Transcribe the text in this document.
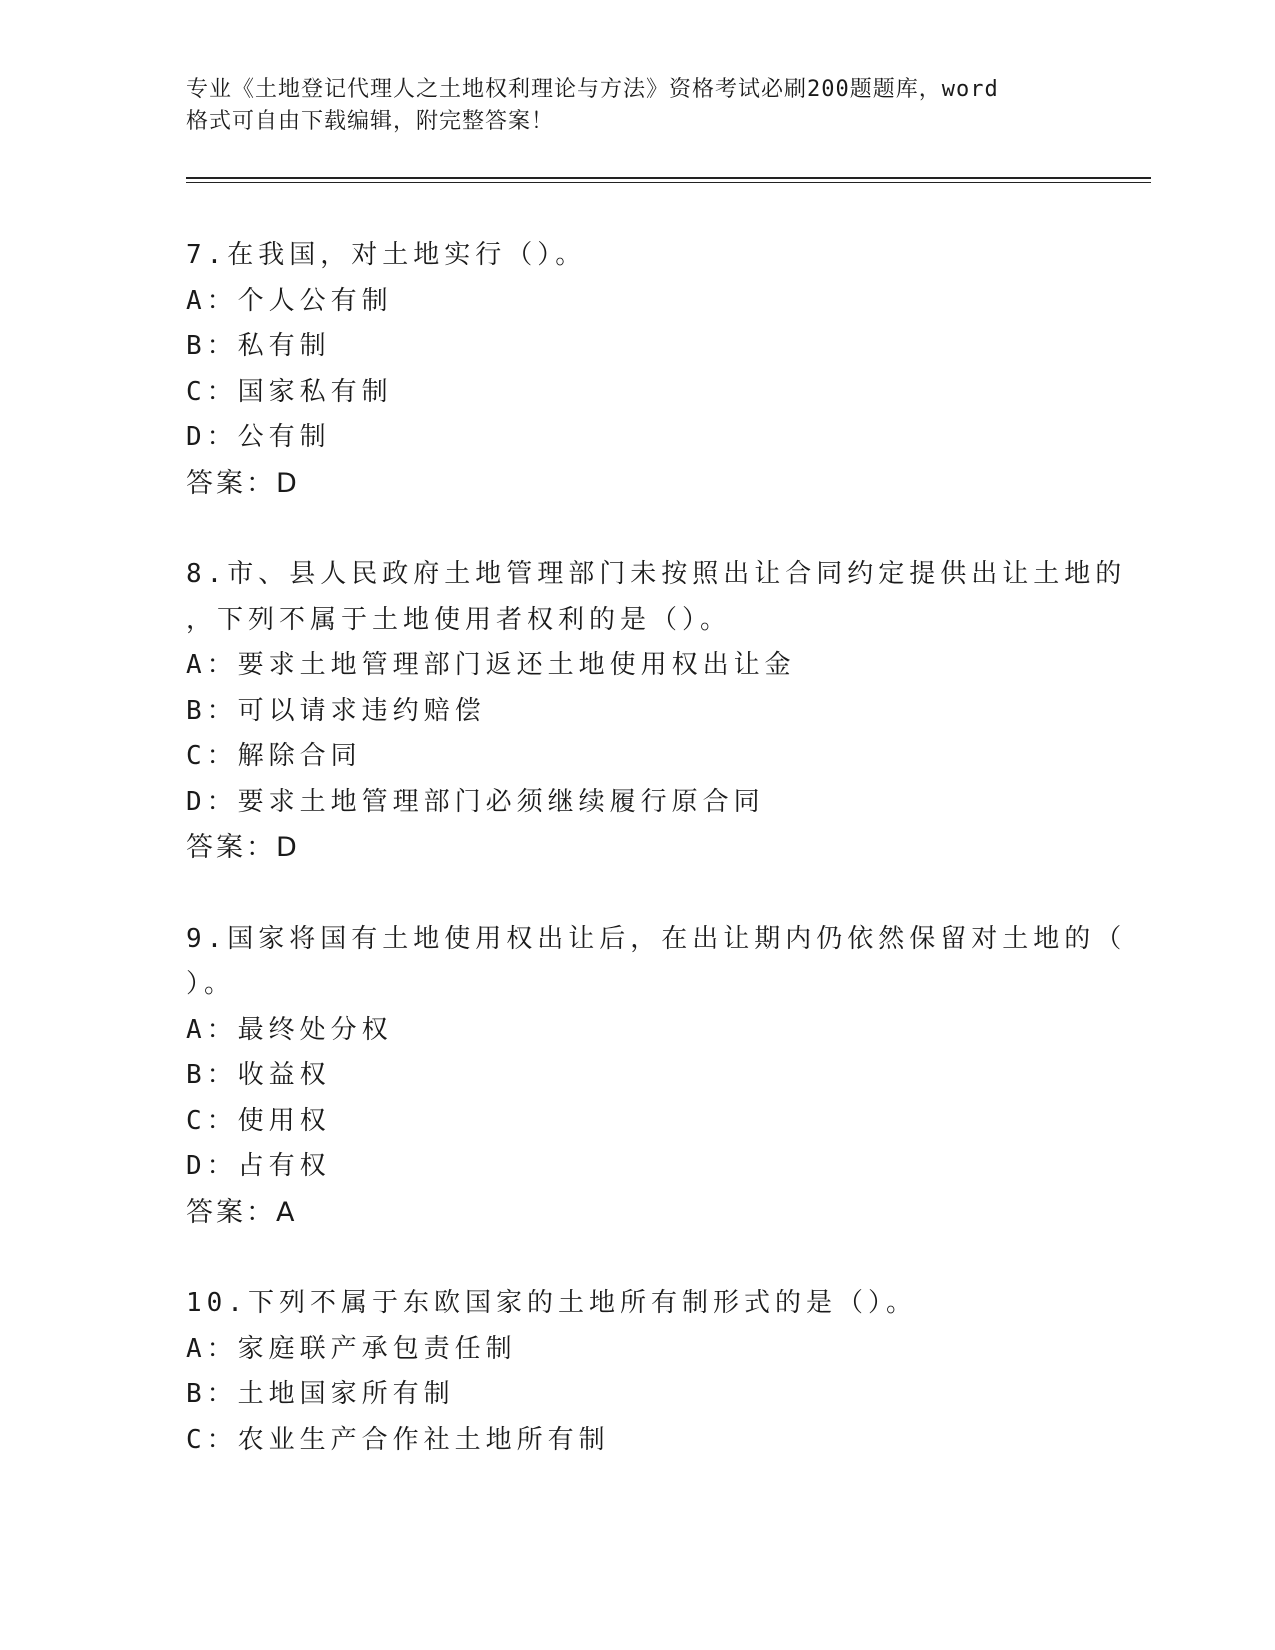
专业《土地登记代理人之土地权利理论与方法》资格考试必刷200题题库，word
格式可自由下载编辑，附完整答案！
7.在我国，对土地实行（）。
A：个人公有制
B：私有制
C：国家私有制
D：公有制
答案：D
8.市、县人民政府土地管理部门未按照出让合同约定提供出让土地的
，下列不属于土地使用者权利的是（）。
A：要求土地管理部门返还土地使用权出让金
B：可以请求违约赔偿
C：解除合同
D：要求土地管理部门必须继续履行原合同
答案：D
9.国家将国有土地使用权出让后，在出让期内仍依然保留对土地的（
）。
A：最终处分权
B：收益权
C：使用权
D：占有权
答案：A
10.下列不属于东欧国家的土地所有制形式的是（）。
A：家庭联产承包责任制
B：土地国家所有制
C：农业生产合作社土地所有制
